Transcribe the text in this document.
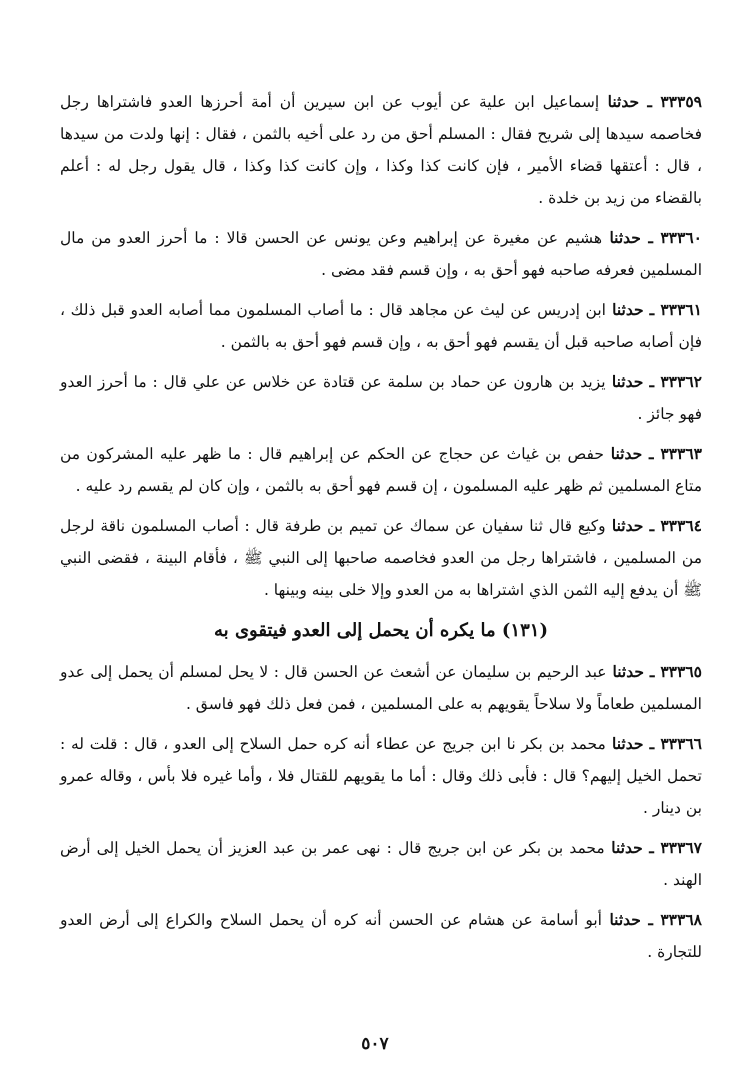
٣٣٣٥٩ ـ حدثنا إسماعيل ابن علية عن أيوب عن ابن سيرين أن أمة أحرزها العدو فاشتراها رجل فخاصمه سيدها إلى شريح فقال : المسلم أحق من رد على أخيه بالثمن ، فقال : إنها ولدت من سيدها ، قال : أعتقها قضاء الأمير ، فإن كانت كذا وكذا ، وإن كانت كذا وكذا ، قال يقول رجل له : أعلم بالقضاء من زيد بن خلدة .

٣٣٣٦٠ ـ حدثنا هشيم عن مغيرة عن إبراهيم وعن يونس عن الحسن قالا : ما أحرز العدو من مال المسلمين فعرفه صاحبه فهو أحق به ، وإن قسم فقد مضى .

٣٣٣٦١ ـ حدثنا ابن إدريس عن ليث عن مجاهد قال : ما أصاب المسلمون مما أصابه العدو قبل ذلك ، فإن أصابه صاحبه قبل أن يقسم فهو أحق به ، وإن قسم فهو أحق به بالثمن .

٣٣٣٦٢ ـ حدثنا يزيد بن هارون عن حماد بن سلمة عن قتادة عن خلاس عن علي قال : ما أحرز العدو فهو جائز .

٣٣٣٦٣ ـ حدثنا حفص بن غياث عن حجاج عن الحكم عن إبراهيم قال : ما ظهر عليه المشركون من متاع المسلمين ثم ظهر عليه المسلمون ، إن قسم فهو أحق به بالثمن ، وإن كان لم يقسم رد عليه .

٣٣٣٦٤ ـ حدثنا وكيع قال ثنا سفيان عن سماك عن تميم بن طرفة قال : أصاب المسلمون ناقة لرجل من المسلمين ، فاشتراها رجل من العدو فخاصمه صاحبها إلى النبي ﷺ ، فأقام البينة ، فقضى النبي ﷺ أن يدفع إليه الثمن الذي اشتراها به من العدو وإلا خلى بينه وبينها .

(١٣١) ما يكره أن يحمل إلى العدو فيتقوى به

٣٣٣٦٥ ـ حدثنا عبد الرحيم بن سليمان عن أشعث عن الحسن قال : لا يحل لمسلم أن يحمل إلى عدو المسلمين طعاماً ولا سلاحاً يقويهم به على المسلمين ، فمن فعل ذلك فهو فاسق .

٣٣٣٦٦ ـ حدثنا محمد بن بكر نا ابن جريج عن عطاء أنه كره حمل السلاح إلى العدو ، قال : قلت له : تحمل الخيل إليهم؟ قال : فأبى ذلك وقال : أما ما يقويهم للقتال فلا ، وأما غيره فلا بأس ، وقاله عمرو بن دينار .

٣٣٣٦٧ ـ حدثنا محمد بن بكر عن ابن جريج قال : نهى عمر بن عبد العزيز أن يحمل الخيل إلى أرض الهند .

٣٣٣٦٨ ـ حدثنا أبو أسامة عن هشام عن الحسن أنه كره أن يحمل السلاح والكراع إلى أرض العدو للتجارة .

٥٠٧
